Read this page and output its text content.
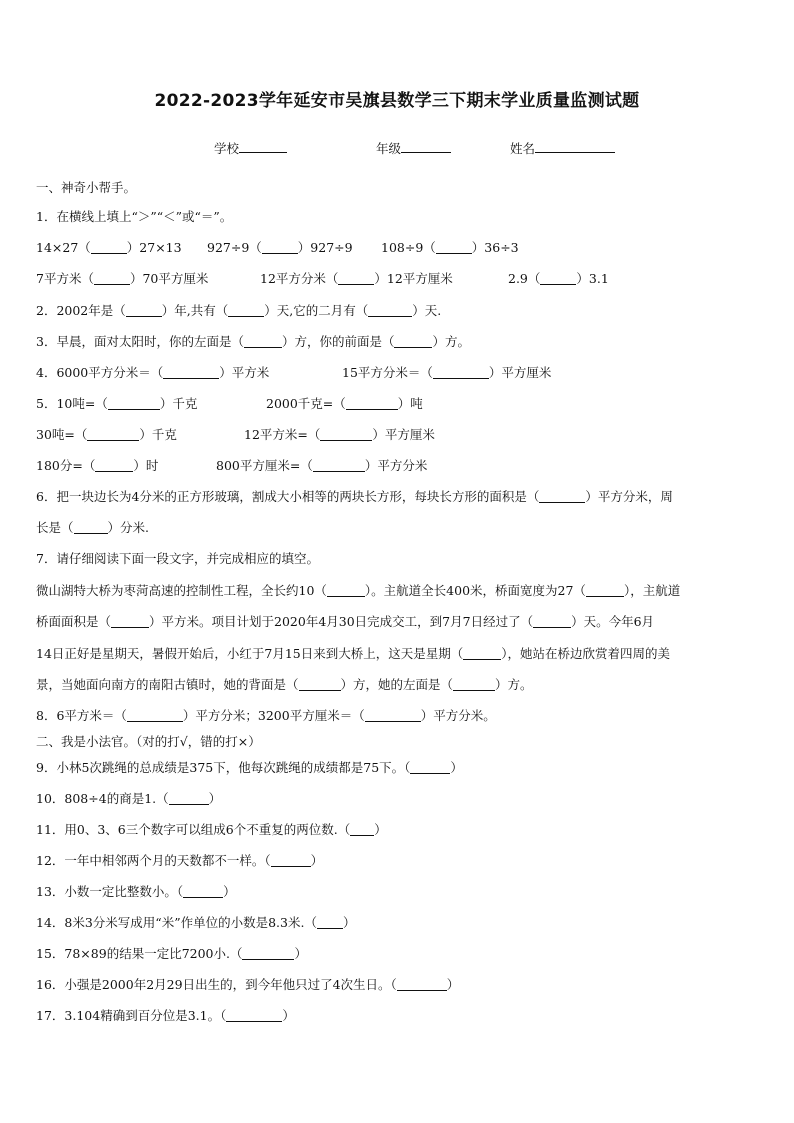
2022-2023学年延安市吴旗县数学三下期末学业质量监测试题
学校	年级	姓名
一、神奇小帮手。
1．在横线上填上“＞”“＜”或“＝”。
14×27（	）27×13 927÷9（	）927÷9 108÷9（	）36÷3
7平方米（	）70平方厘米	12平方分米（	）12平方厘米	2.9（	）3.1
2．2002年是（	）年,共有（	）天,它的二月有（	）天.
3．早晨，面对太阳时，你的左面是（	）方，你的前面是（	）方。
4．6000平方分米＝（	）平方米	15平方分米＝（	）平方厘米
5．10吨=（	）千克	2000千克=（	）吨
30吨=（	）千克	12平方米=（	）平方厘米
180分=（	）时	800平方厘米=（	）平方分米
6．把一块边长为4分米的正方形玻璃，割成大小相等的两块长方形，每块长方形的面积是（	）平方分米，周
长是（	）分米.
7．请仔细阅读下面一段文字，并完成相应的填空。
微山湖特大桥为枣菏高速的控制性工程，全长约10（	）。主航道全长400米，桥面宽度为27（	），主航道
桥面面积是（	）平方米。项目计划于2020年4月30日完成交工，到7月7日经过了（	）天。今年6月
14日正好是星期天，暑假开始后，小红于7月15日来到大桥上，这天是星期（	），她站在桥边欣赏着四周的美
景，当她面向南方的南阳古镇时，她的背面是（	）方，她的左面是（	）方。
8．6平方米＝（	）平方分米；3200平方厘米＝（	）平方分米。
二、我是小法官。（对的打√，错的打×）
9．小林5次跳绳的总成绩是375下，他每次跳绳的成绩都是75下。（	）
10．808÷4的商是1.（	）
11．用0、3、6三个数字可以组成6个不重复的两位数.（ ）
12．一年中相邻两个月的天数都不一样。（	）
13．小数一定比整数小。（	）
14．8米3分米写成用“米”作单位的小数是8.3米.（ ）
15．78×89的结果一定比7200小.（	）
16．小强是2000年2月29日出生的，到今年他只过了4次生日。（	）
17．3.104精确到百分位是3.1。（	）
